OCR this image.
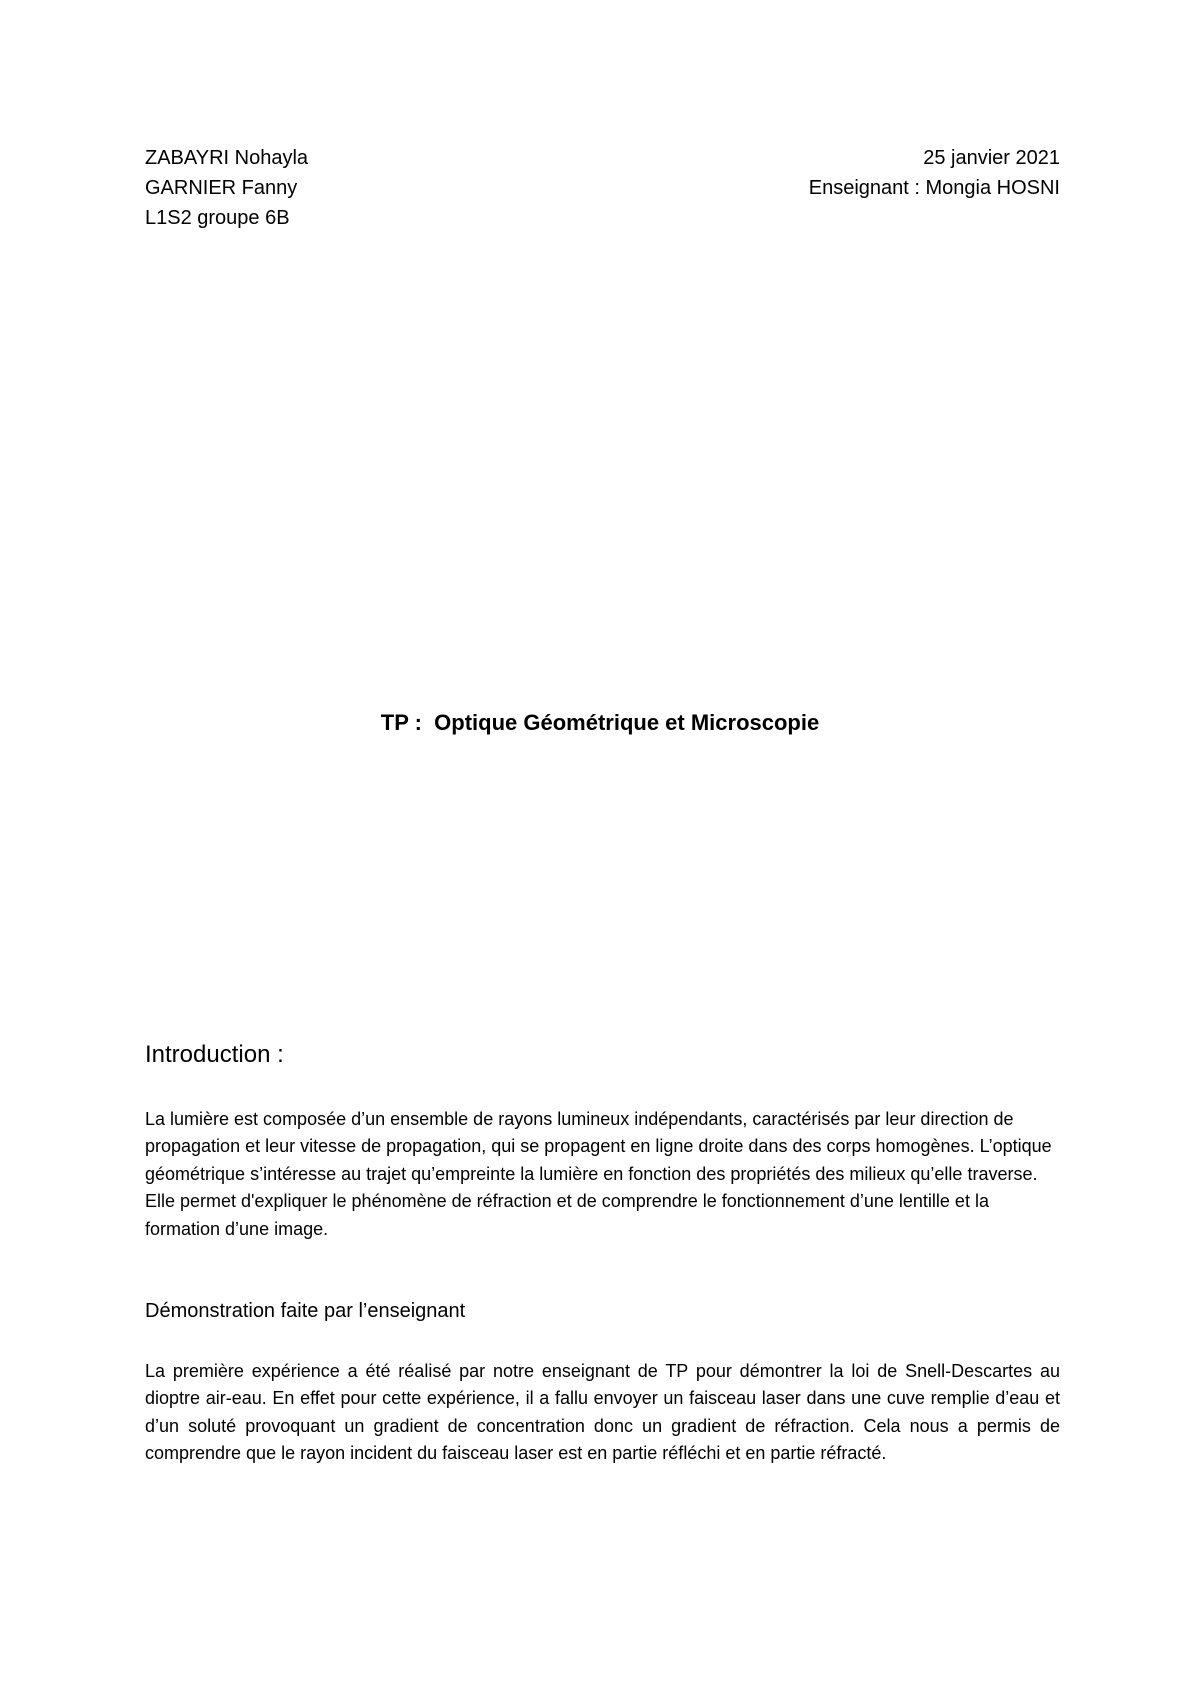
ZABAYRI Nohayla
GARNIER Fanny
L1S2 groupe 6B
25 janvier 2021
Enseignant : Mongia HOSNI
TP :  Optique Géométrique et Microscopie
Introduction :

La lumière est composée d’un ensemble de rayons lumineux indépendants, caractérisés par leur direction de propagation et leur vitesse de propagation, qui se propagent en ligne droite dans des corps homogènes. L’optique géométrique s’intéresse au trajet qu’empreinte la lumière en fonction des propriétés des milieux qu’elle traverse. Elle permet d'expliquer le phénomène de réfraction et de comprendre le fonctionnement d’une lentille et la formation d’une image.

Démonstration faite par l’enseignant

La première expérience a été réalisé par notre enseignant de TP pour démontrer la loi de Snell-Descartes au dioptre air-eau. En effet pour cette expérience, il a fallu envoyer un faisceau laser dans une cuve remplie d’eau et d’un soluté provoquant un gradient de concentration donc un gradient de réfraction. Cela nous a permis de comprendre que le rayon incident du faisceau laser est en partie réfléchi et en partie réfracté.
